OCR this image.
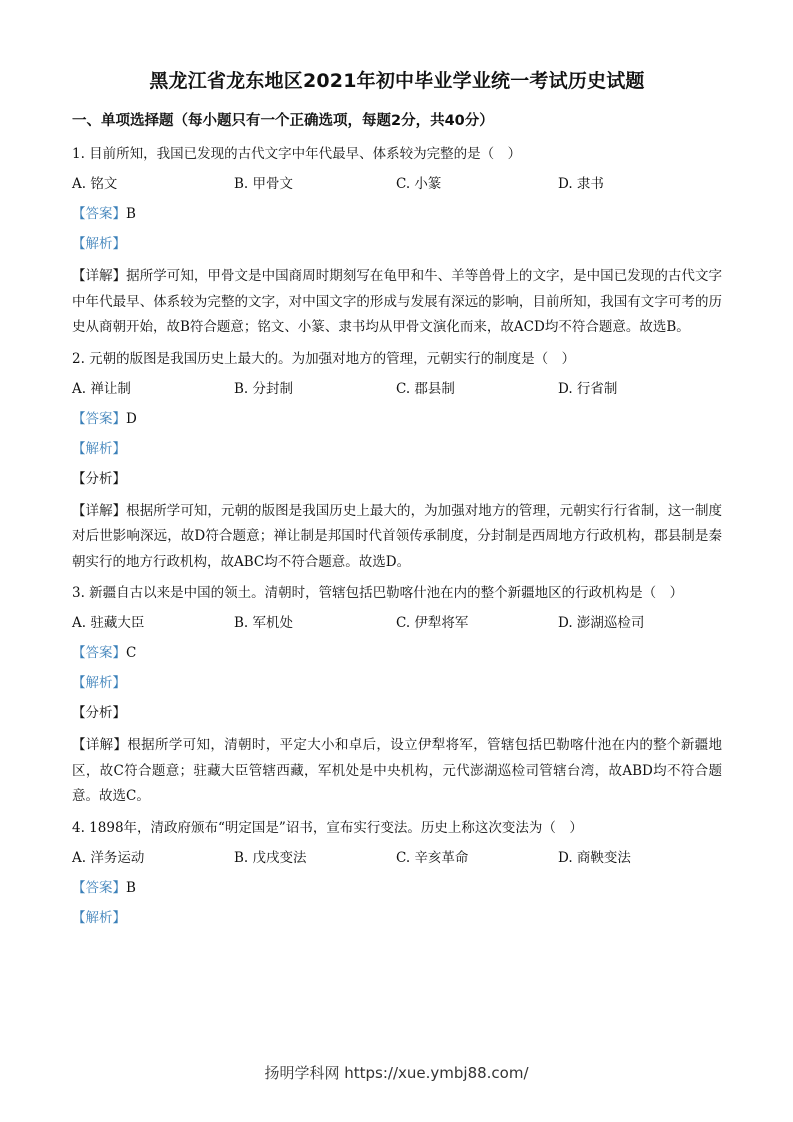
黑龙江省龙东地区2021年初中毕业学业统一考试历史试题
一、单项选择题（每小题只有一个正确选项，每题2分，共40分）
1. 目前所知，我国已发现的古代文字中年代最早、体系较为完整的是（　）
A. 铭文	B. 甲骨文	C. 小篆	D. 隶书
【答案】B
【解析】
【详解】据所学可知，甲骨文是中国商周时期刻写在龟甲和牛、羊等兽骨上的文字，是中国已发现的古代文字中年代最早、体系较为完整的文字，对中国文字的形成与发展有深远的影响，目前所知，我国有文字可考的历史从商朝开始，故B符合题意；铭文、小篆、隶书均从甲骨文演化而来，故ACD均不符合题意。故选B。
2. 元朝的版图是我国历史上最大的。为加强对地方的管理，元朝实行的制度是（　）
A. 禅让制	B. 分封制	C. 郡县制	D. 行省制
【答案】D
【解析】
【分析】
【详解】根据所学可知，元朝的版图是我国历史上最大的，为加强对地方的管理，元朝实行行省制，这一制度对后世影响深远，故D符合题意；禅让制是邦国时代首领传承制度，分封制是西周地方行政机构，郡县制是秦朝实行的地方行政机构，故ABC均不符合题意。故选D。
3. 新疆自古以来是中国的领土。清朝时，管辖包括巴勒喀什池在内的整个新疆地区的行政机构是（　）
A. 驻藏大臣	B. 军机处	C. 伊犁将军	D. 澎湖巡检司
【答案】C
【解析】
【分析】
【详解】根据所学可知，清朝时，平定大小和卓后，设立伊犁将军，管辖包括巴勒喀什池在内的整个新疆地区，故C符合题意；驻藏大臣管辖西藏，军机处是中央机构，元代澎湖巡检司管辖台湾，故ABD均不符合题意。故选C。
4. 1898年，清政府颁布“明定国是”诏书，宣布实行变法。历史上称这次变法为（　）
A. 洋务运动	B. 戊戌变法	C. 辛亥革命	D. 商鞅变法
【答案】B
【解析】
扬明学科网 https://xue.ymbj88.com/
